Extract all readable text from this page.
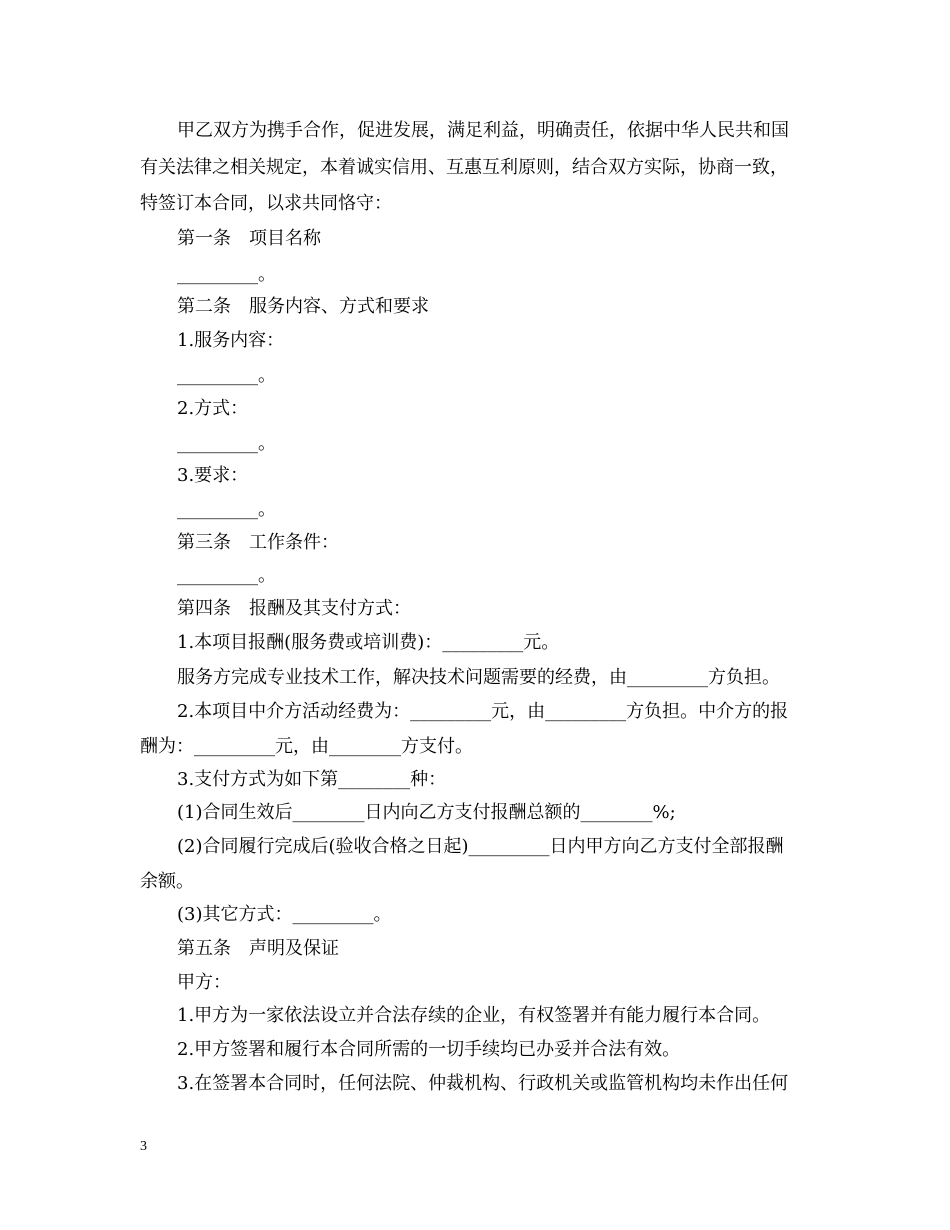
甲乙双方为携手合作，促进发展，满足利益，明确责任，依据中华人民共和国
有关法律之相关规定，本着诚实信用、互惠互利原则，结合双方实际，协商一致，
特签订本合同，以求共同恪守：
第一条　项目名称
_________。
第二条　服务内容、方式和要求
1.服务内容：
_________。
2.方式：
_________。
3.要求：
_________。
第三条　工作条件：
_________。
第四条　报酬及其支付方式：
1.本项目报酬(服务费或培训费)：_________元。
服务方完成专业技术工作，解决技术问题需要的经费，由_________方负担。
2.本项目中介方活动经费为：_________元，由_________方负担。中介方的报
酬为：_________元，由________方支付。
3.支付方式为如下第________种：
(1)合同生效后________日内向乙方支付报酬总额的________%;
(2)合同履行完成后(验收合格之日起)_________日内甲方向乙方支付全部报酬
余额。
(3)其它方式：_________。
第五条　声明及保证
甲方：
1.甲方为一家依法设立并合法存续的企业，有权签署并有能力履行本合同。
2.甲方签署和履行本合同所需的一切手续均已办妥并合法有效。
3.在签署本合同时，任何法院、仲裁机构、行政机关或监管机构均未作出任何
3
